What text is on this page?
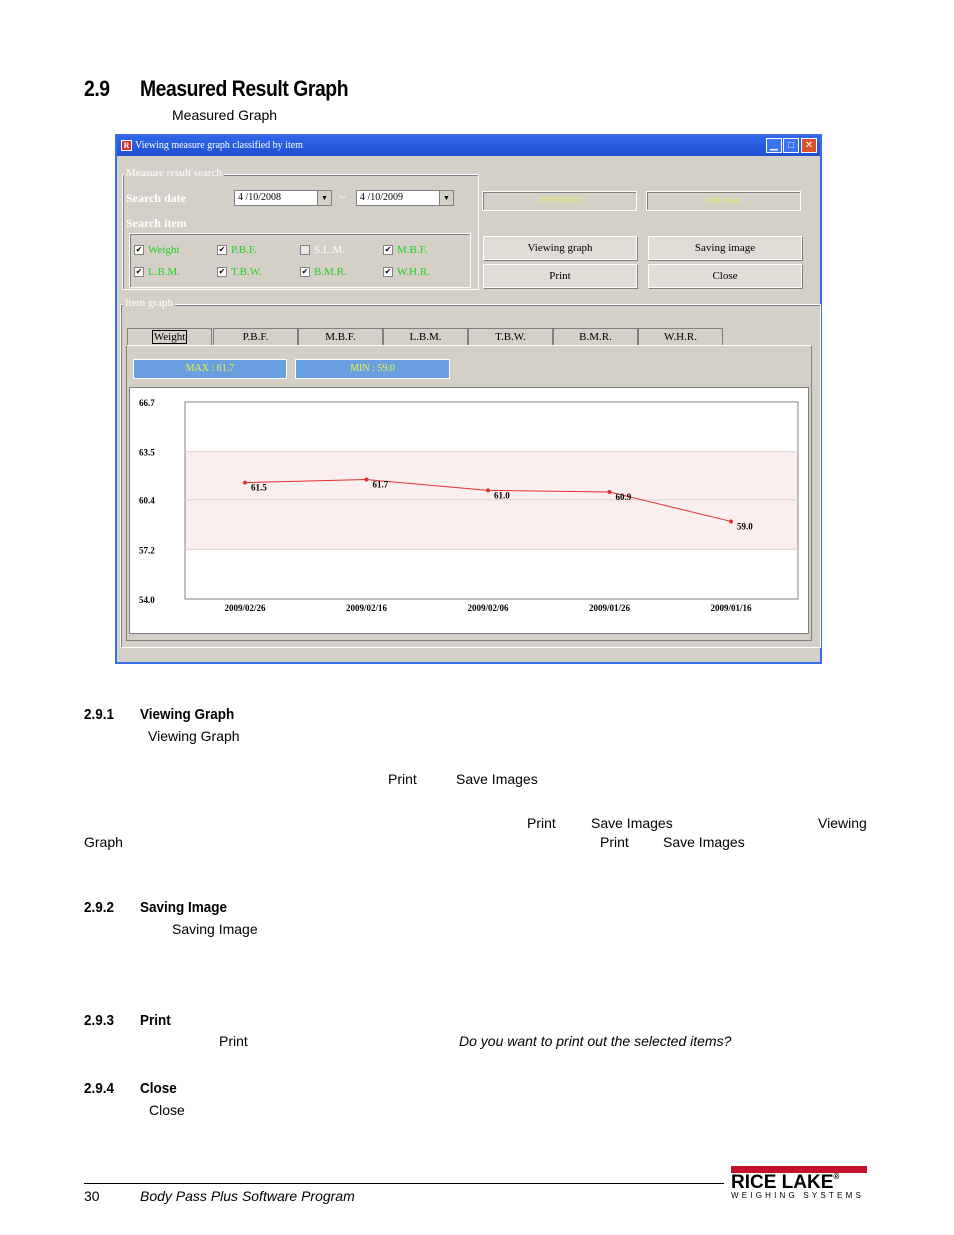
2.9 Measured Result Graph
Measured Graph
R Viewing measure graph classified by item	▁	□	✕
Measure result search
Search date	4 /10/2008	▼ ~	4 /10/2009	▼
Search item
✔ Weight	✔ P.B.F.	S.L.M.	✔ M.B.F.
✔ L.B.M.	✔ T.B.W.	✔ B.M.R.	✔ W.H.R.
200904103	edu man
Viewing graph	Saving image
Print	Close
Item graph
Weight	P.B.F.	M.B.F.	L.B.M.	T.B.W.	B.M.R.	W.H.R.
MAX : 61.7	MIN : 59.0
66.7
63.5
60.4
57.2
54.0
2009/02/26	2009/02/16	2009/02/06	2009/01/26	2009/01/16
61.5	61.7
61.0	60.9
59.0
2.9.1 Viewing Graph
Viewing Graph
Print	Save Images
Print	Save Images	Viewing
Graph	Print Save Images
2.9.2 Saving Image
Saving Image
2.9.3 Print
Print	Do you want to print out the selected items?
2.9.4 Close
Close
30	Body Pass Plus Software Program
RICE LAKE®
WEIGHING SYSTEMS
